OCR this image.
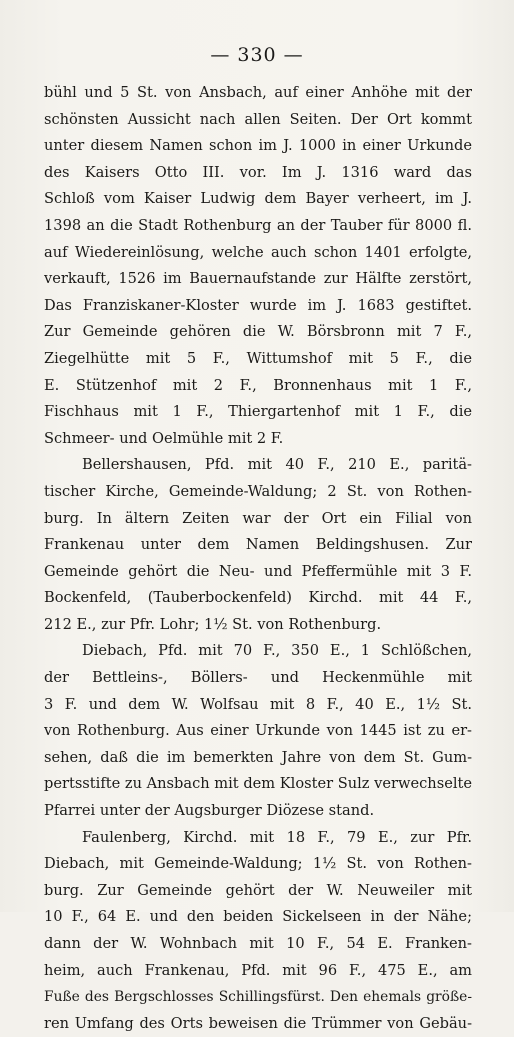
— 330 —
bühl und 5 St. von Ansbach, auf einer Anhöhe mit der
schönsten Aussicht nach allen Seiten. Der Ort kommt
unter diesem Namen schon im J. 1000 in einer Urkunde
des Kaisers Otto III. vor. Im J. 1316 ward das
Schloß vom Kaiser Ludwig dem Bayer verheert, im J.
1398 an die Stadt Rothenburg an der Tauber für 8000 fl.
auf Wiedereinlösung, welche auch schon 1401 erfolgte,
verkauft, 1526 im Bauernaufstande zur Hälfte zerstört,
Das Franziskaner-Kloster wurde im J. 1683 gestiftet.
Zur Gemeinde gehören die W. Börsbronn mit 7 F.,
Ziegelhütte mit 5 F., Wittumshof mit 5 F., die
E. Stützenhof mit 2 F., Bronnenhaus mit 1 F.,
Fischhaus mit 1 F., Thiergartenhof mit 1 F., die
Schmeer- und Oelmühle mit 2 F.
Bellershausen, Pfd. mit 40 F., 210 E., paritä-
tischer Kirche, Gemeinde-Waldung; 2 St. von Rothen-
burg. In ältern Zeiten war der Ort ein Filial von
Frankenau unter dem Namen Beldingshusen. Zur
Gemeinde gehört die Neu- und Pfeffermühle mit 3 F.
Bockenfeld, (Tauberbockenfeld) Kirchd. mit 44 F.,
212 E., zur Pfr. Lohr; 1½ St. von Rothenburg.
Diebach, Pfd. mit 70 F., 350 E., 1 Schlößchen,
der Bettleins-, Böllers- und Heckenmühle mit
3 F. und dem W. Wolfsau mit 8 F., 40 E., 1½ St.
von Rothenburg. Aus einer Urkunde von 1445 ist zu er-
sehen, daß die im bemerkten Jahre von dem St. Gum-
pertsstifte zu Ansbach mit dem Kloster Sulz verwechselte
Pfarrei unter der Augsburger Diözese stand.
Faulenberg, Kirchd. mit 18 F., 79 E., zur Pfr.
Diebach, mit Gemeinde-Waldung; 1½ St. von Rothen-
burg. Zur Gemeinde gehört der W. Neuweiler mit
10 F., 64 E. und den beiden Sickelseen in der Nähe;
dann der W. Wohnbach mit 10 F., 54 E. Franken-
heim, auch Frankenau, Pfd. mit 96 F., 475 E., am
Fuße des Bergschlosses Schillingsfürst. Den ehemals größe-
ren Umfang des Orts beweisen die Trümmer von Gebäu-
